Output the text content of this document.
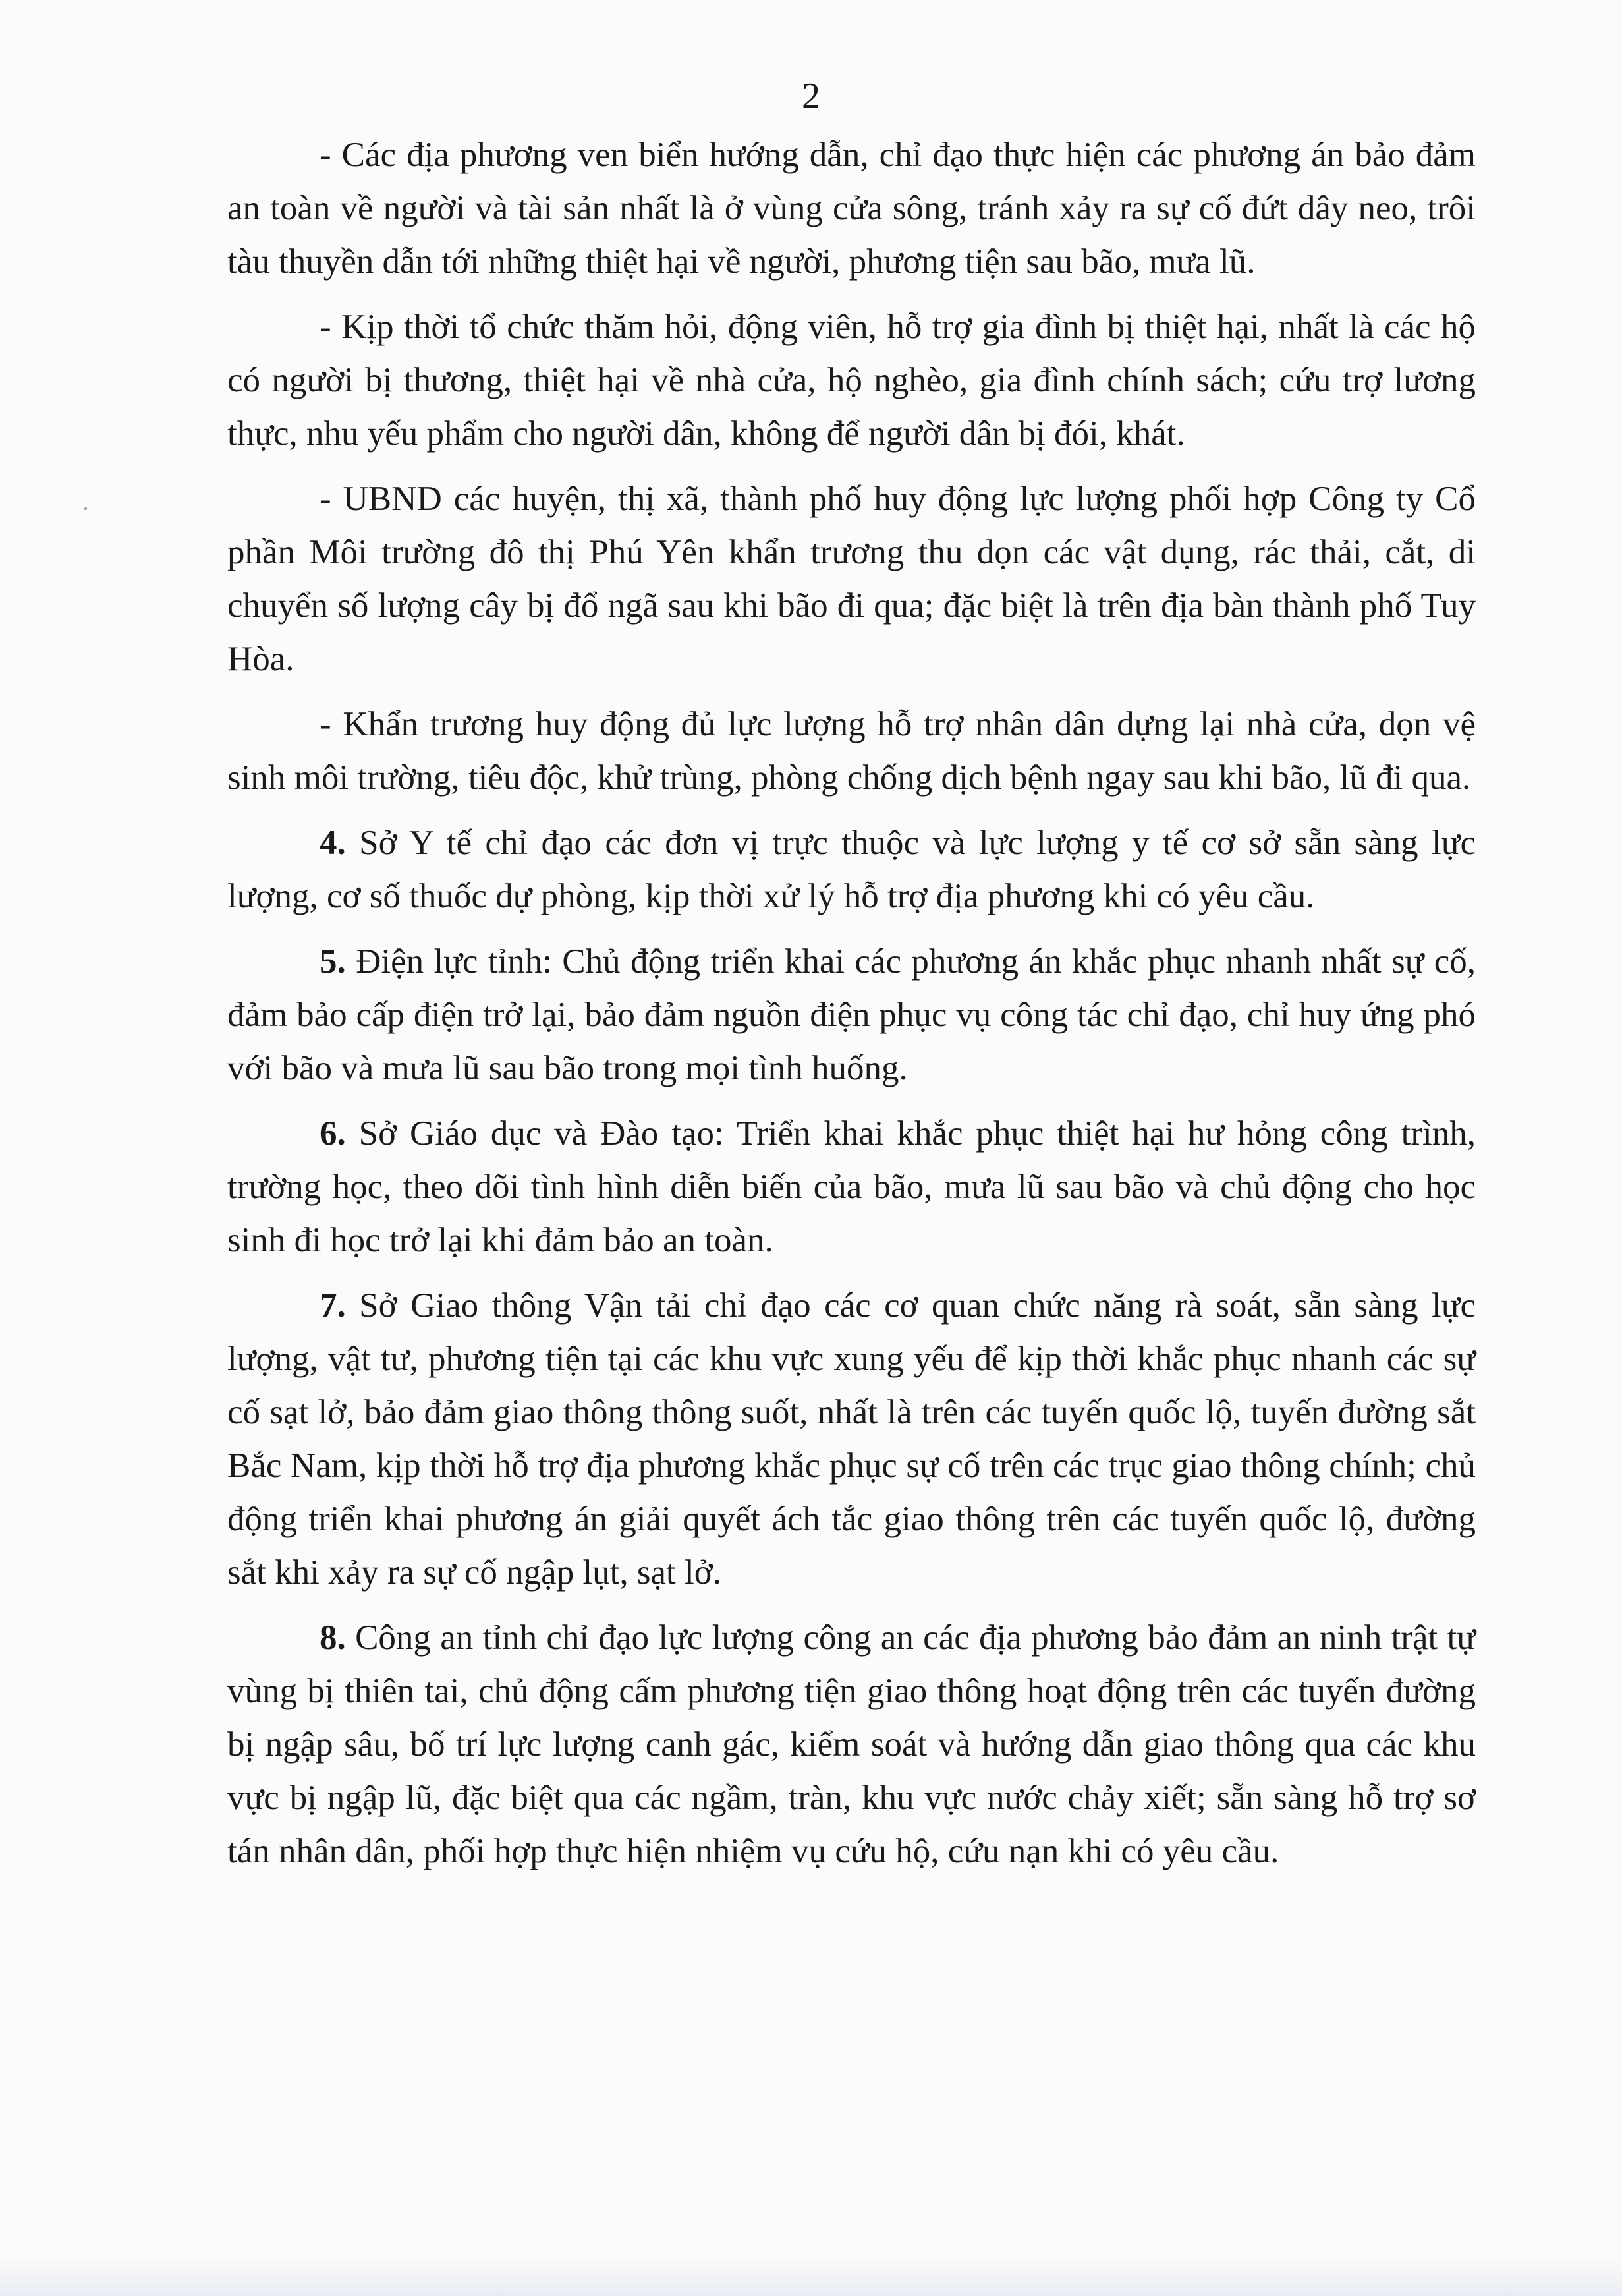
2

- Các địa phương ven biển hướng dẫn, chỉ đạo thực hiện các phương án bảo đảm an toàn về người và tài sản nhất là ở vùng cửa sông, tránh xảy ra sự cố đứt dây neo, trôi tàu thuyền dẫn tới những thiệt hại về người, phương tiện sau bão, mưa lũ.

- Kịp thời tổ chức thăm hỏi, động viên, hỗ trợ gia đình bị thiệt hại, nhất là các hộ có người bị thương, thiệt hại về nhà cửa, hộ nghèo, gia đình chính sách; cứu trợ lương thực, nhu yếu phẩm cho người dân, không để người dân bị đói, khát.

- UBND các huyện, thị xã, thành phố huy động lực lượng phối hợp Công ty Cổ phần Môi trường đô thị Phú Yên khẩn trương thu dọn các vật dụng, rác thải, cắt, di chuyển số lượng cây bị đổ ngã sau khi bão đi qua; đặc biệt là trên địa bàn thành phố Tuy Hòa.

- Khẩn trương huy động đủ lực lượng hỗ trợ nhân dân dựng lại nhà cửa, dọn vệ sinh môi trường, tiêu độc, khử trùng, phòng chống dịch bệnh ngay sau khi bão, lũ đi qua.

4. Sở Y tế chỉ đạo các đơn vị trực thuộc và lực lượng y tế cơ sở sẵn sàng lực lượng, cơ số thuốc dự phòng, kịp thời xử lý hỗ trợ địa phương khi có yêu cầu.

5. Điện lực tỉnh: Chủ động triển khai các phương án khắc phục nhanh nhất sự cố, đảm bảo cấp điện trở lại, bảo đảm nguồn điện phục vụ công tác chỉ đạo, chỉ huy ứng phó với bão và mưa lũ sau bão trong mọi tình huống.

6. Sở Giáo dục và Đào tạo: Triển khai khắc phục thiệt hại hư hỏng công trình, trường học, theo dõi tình hình diễn biến của bão, mưa lũ sau bão và chủ động cho học sinh đi học trở lại khi đảm bảo an toàn.

7. Sở Giao thông Vận tải chỉ đạo các cơ quan chức năng rà soát, sẵn sàng lực lượng, vật tư, phương tiện tại các khu vực xung yếu để kịp thời khắc phục nhanh các sự cố sạt lở, bảo đảm giao thông thông suốt, nhất là trên các tuyến quốc lộ, tuyến đường sắt Bắc Nam, kịp thời hỗ trợ địa phương khắc phục sự cố trên các trục giao thông chính; chủ động triển khai phương án giải quyết ách tắc giao thông trên các tuyến quốc lộ, đường sắt khi xảy ra sự cố ngập lụt, sạt lở.

8. Công an tỉnh chỉ đạo lực lượng công an các địa phương bảo đảm an ninh trật tự vùng bị thiên tai, chủ động cấm phương tiện giao thông hoạt động trên các tuyến đường bị ngập sâu, bố trí lực lượng canh gác, kiểm soát và hướng dẫn giao thông qua các khu vực bị ngập lũ, đặc biệt qua các ngầm, tràn, khu vực nước chảy xiết; sẵn sàng hỗ trợ sơ tán nhân dân, phối hợp thực hiện nhiệm vụ cứu hộ, cứu nạn khi có yêu cầu.
